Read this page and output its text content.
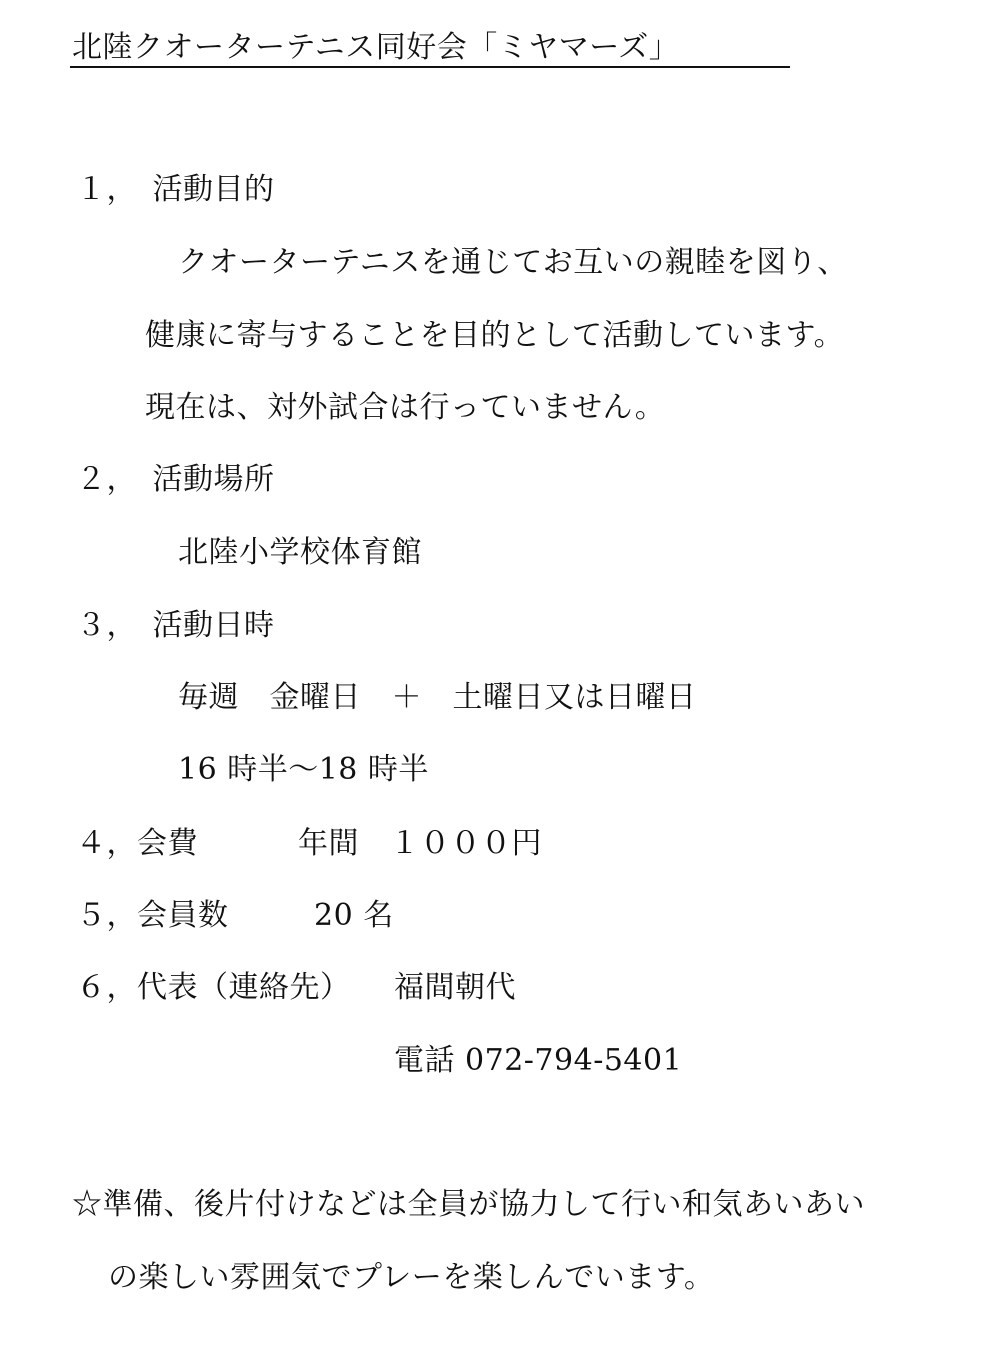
北陸クオーターテニス同好会「ミヤマーズ」
１，　活動目的
クオーターテニスを通じてお互いの親睦を図り、
健康に寄与することを目的として活動しています。
現在は、対外試合は行っていません。
２，　活動場所
北陸小学校体育館
３，　活動日時
毎週　金曜日　＋　土曜日又は日曜日
16 時半～18 時半
４，会費	年間　１０００円
５，会員数	20 名
６，代表（連絡先） 福間朝代
電話 072-794-5401
☆準備、後片付けなどは全員が協力して行い和気あいあい
の楽しい雰囲気でプレーを楽しんでいます。
